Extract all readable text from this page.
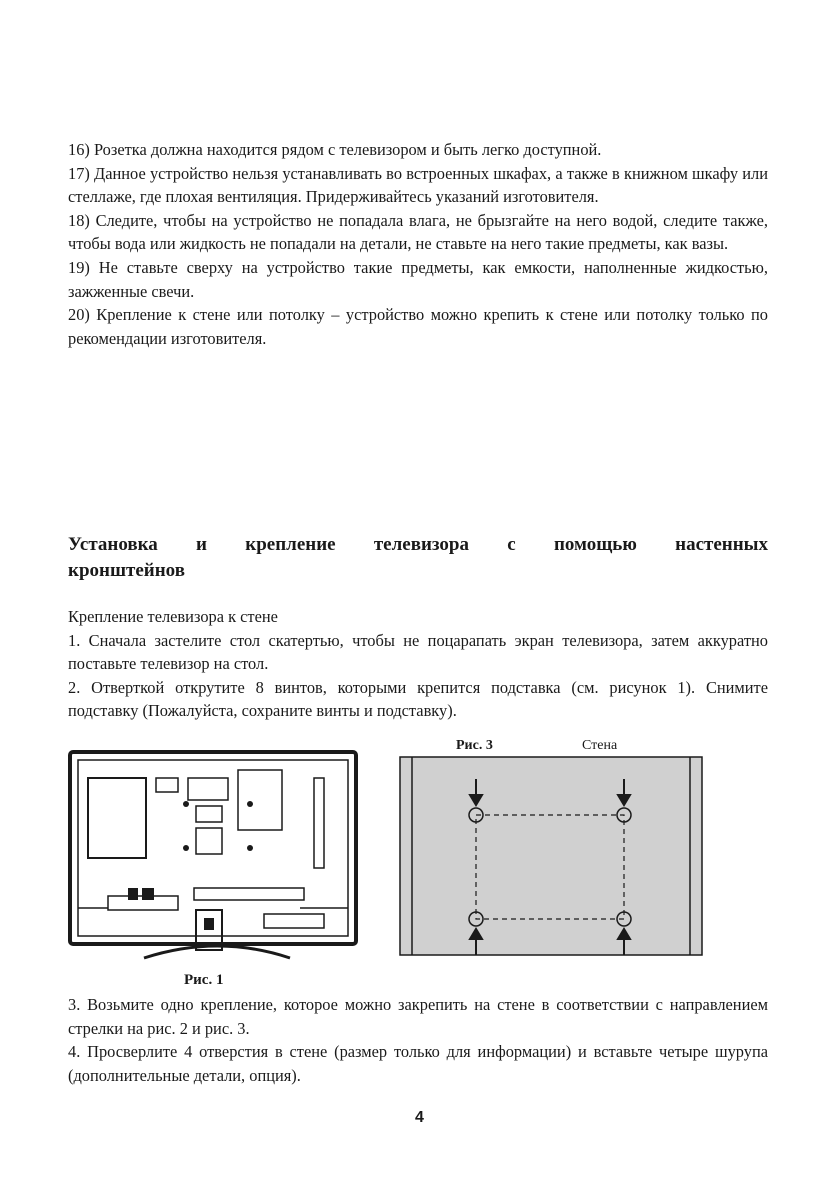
16) Розетка должна находится рядом с телевизором и быть легко доступной.

17) Данное устройство нельзя устанавливать во встроенных шкафах, а также в книжном шкафу или стеллаже, где плохая вентиляция. Придерживайтесь указаний изготовителя.

18) Следите, чтобы на устройство не попадала влага, не брызгайте на него водой, следите также, чтобы вода или жидкость не попадали на детали, не ставьте на него такие предметы, как вазы.

19) Не ставьте сверху на устройство такие предметы, как емкости, наполненные жидкостью, зажженные свечи.

20) Крепление к стене или потолку – устройство можно крепить к стене или потолку только по рекомендации изготовителя.

Установка и крепление телевизора с помощью настенных
кронштейнов

Крепление телевизора к стене

1. Сначала застелите стол скатертью, чтобы не поцарапать экран телевизора, затем аккуратно поставьте телевизор на стол.

2. Отверткой открутите 8 винтов, которыми крепится подставка (см. рисунок 1). Снимите подставку (Пожалуйста, сохраните винты и подставку).

Рис. 1
Рис. 3	Стена

3. Возьмите одно крепление, которое можно закрепить на стене в соответствии с направлением стрелки на рис. 2 и рис. 3.

4. Просверлите 4 отверстия в стене (размер только для информации) и вставьте четыре шурупа (дополнительные детали, опция).

4
